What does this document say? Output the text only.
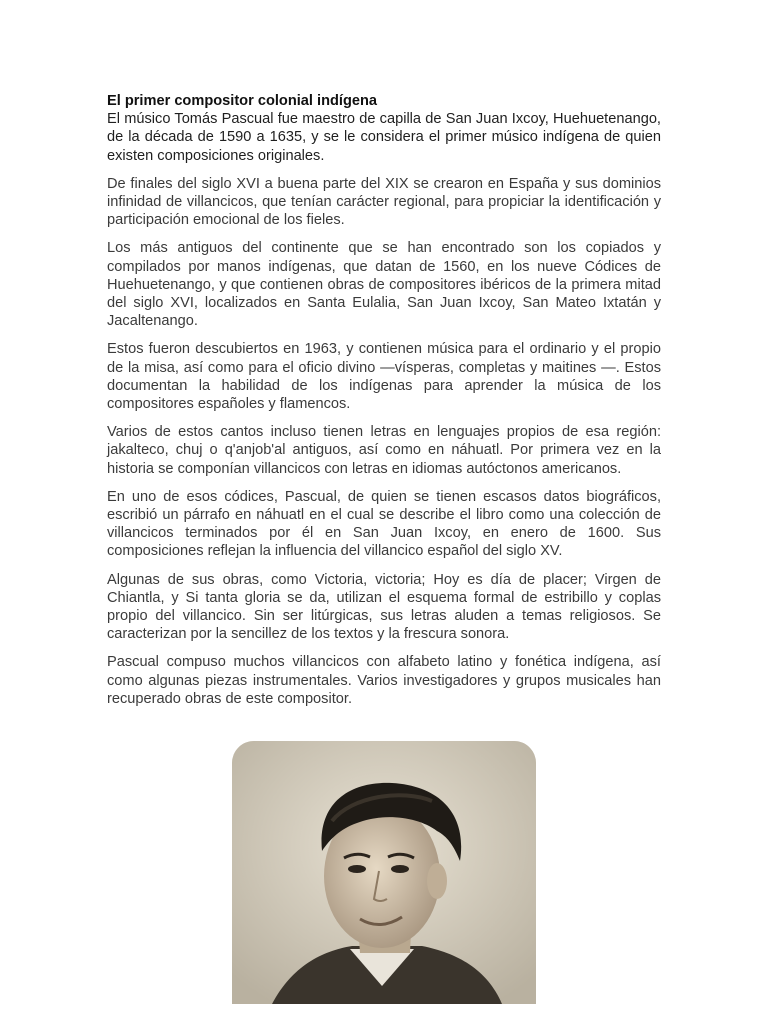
El primer compositor colonial indígena

El músico Tomás Pascual fue maestro de capilla de San Juan Ixcoy, Huehuetenango, de la década de 1590 a 1635, y se le considera el primer músico indígena de quien existen composiciones originales.

De finales del siglo XVI a buena parte del XIX se crearon en España y sus dominios infinidad de villancicos, que tenían carácter regional, para propiciar la identificación y participación emocional de los fieles.

Los más antiguos del continente que se han encontrado son los copiados y compilados por manos indígenas, que datan de 1560, en los nueve Códices de Huehuetenango, y que contienen obras de compositores ibéricos de la primera mitad del siglo XVI, localizados en Santa Eulalia, San Juan Ixcoy, San Mateo Ixtatán y Jacaltenango.

Estos fueron descubiertos en 1963, y contienen música para el ordinario y el propio de la misa, así como para el oficio divino —vísperas, completas y maitines —. Estos documentan la habilidad de los indígenas para aprender la música de los compositores españoles y flamencos.

Varios de estos cantos incluso tienen letras en lenguajes propios de esa región: jakalteco, chuj o q'anjob'al antiguos, así como en náhuatl. Por primera vez en la historia se componían villancicos con letras en idiomas autóctonos americanos.

En uno de esos códices, Pascual, de quien se tienen escasos datos biográficos, escribió un párrafo en náhuatl en el cual se describe el libro como una colección de villancicos terminados por él en San Juan Ixcoy, en enero de 1600. Sus composiciones reflejan la influencia del villancico español del siglo XV.

Algunas de sus obras, como Victoria, victoria; Hoy es día de placer; Virgen de Chiantla, y Si tanta gloria se da, utilizan el esquema formal de estribillo y coplas propio del villancico. Sin ser litúrgicas, sus letras aluden a temas religiosos. Se caracterizan por la sencillez de los textos y la frescura sonora.

Pascual compuso muchos villancicos con alfabeto latino y fonética indígena, así como algunas piezas instrumentales. Varios investigadores y grupos musicales han recuperado obras de este compositor.
